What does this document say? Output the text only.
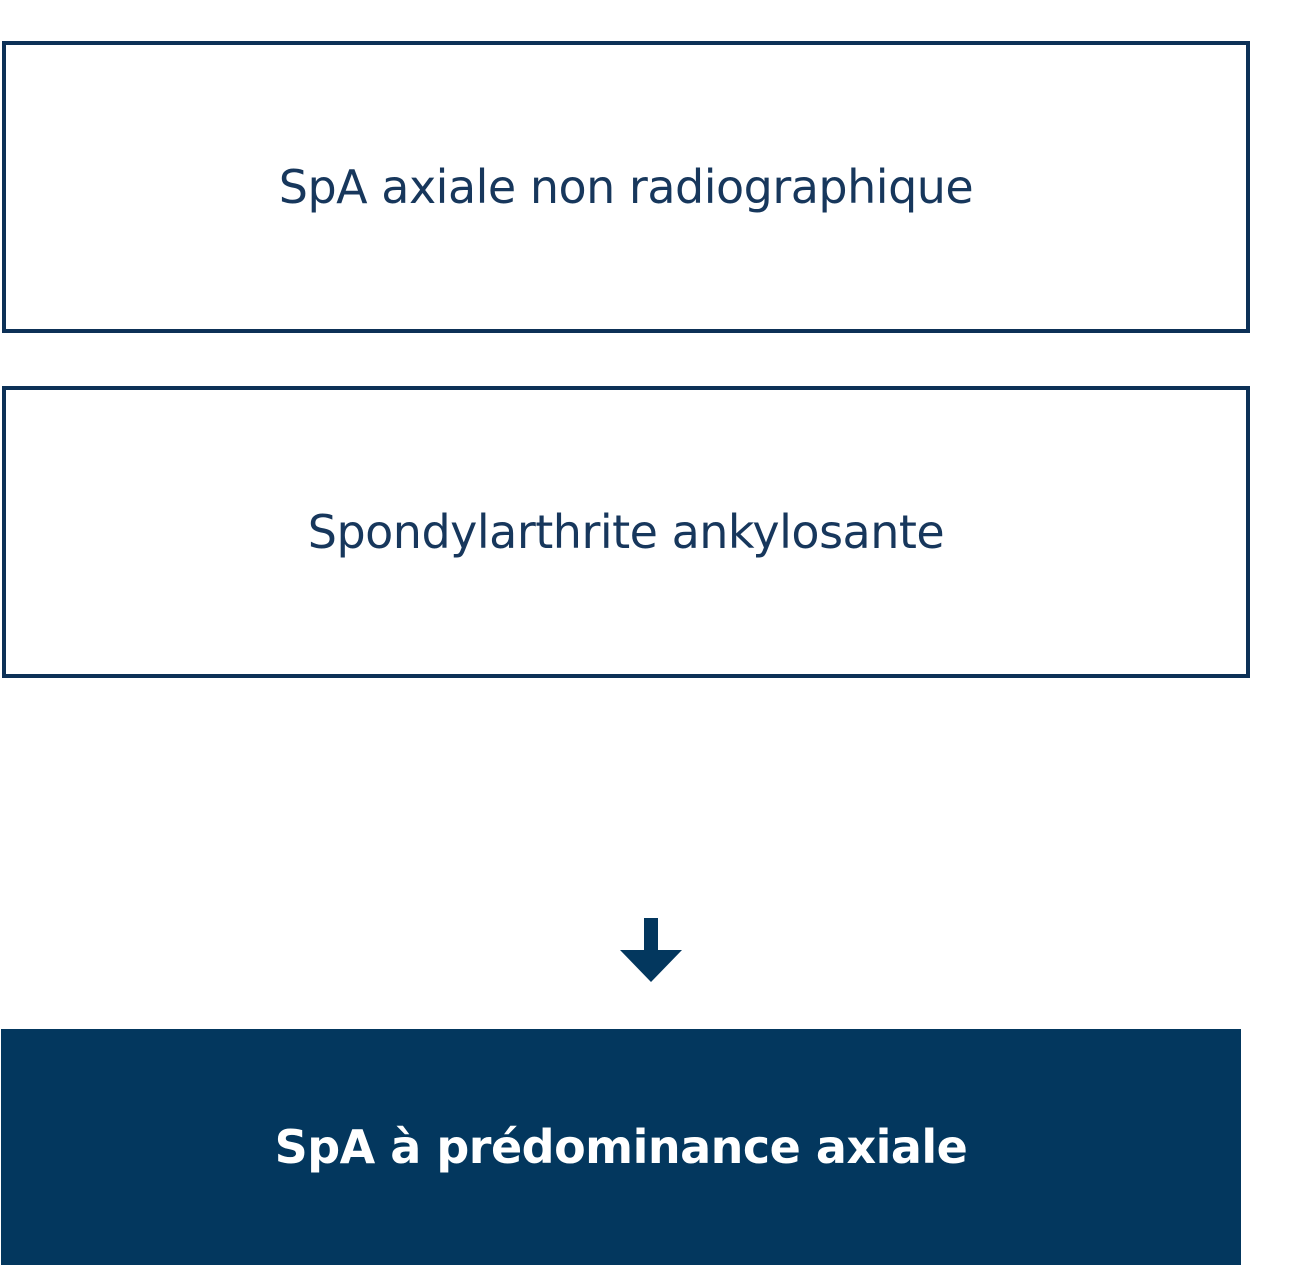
SpA axiale non radiographique
Spondylarthrite ankylosante
SpA à prédominance axiale
